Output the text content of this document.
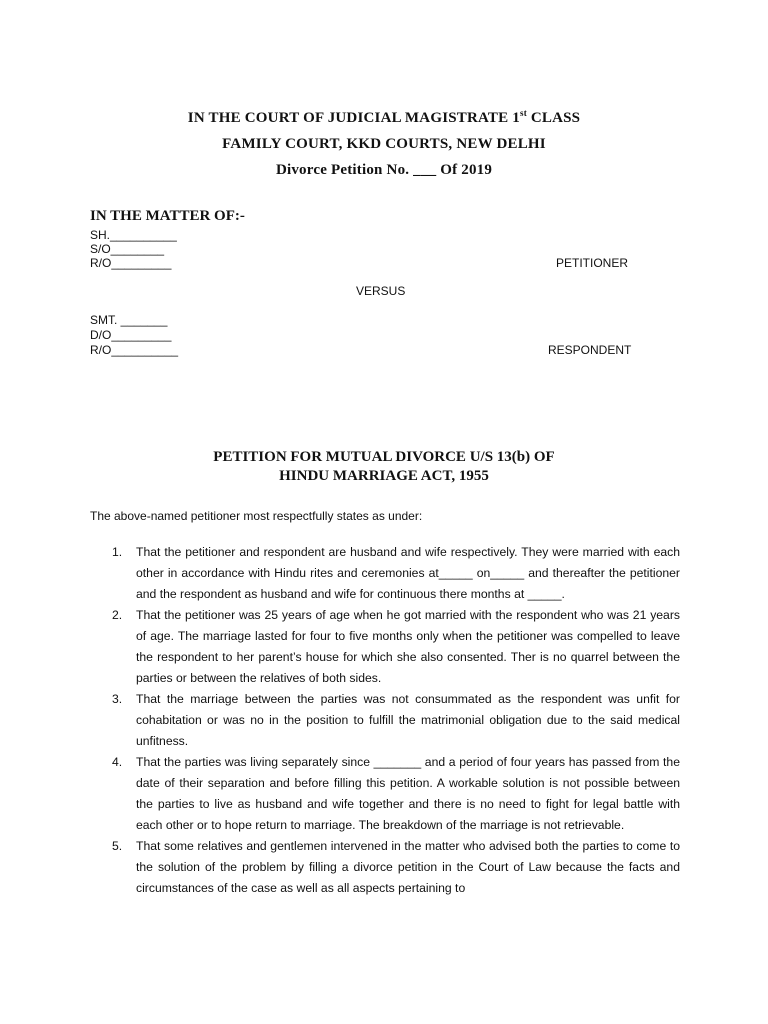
IN THE COURT OF JUDICIAL MAGISTRATE 1st CLASS
FAMILY COURT, KKD COURTS, NEW DELHI
Divorce Petition No. ___ Of 2019
IN THE MATTER OF:-
SH.__________
S/O________
R/O_________	PETITIONER
VERSUS
SMT. _______
D/O_________
R/O__________	RESPONDENT
PETITION FOR MUTUAL DIVORCE U/S 13(b) OF
HINDU MARRIAGE ACT, 1955
The above-named petitioner most respectfully states as under:
1. That the petitioner and respondent are husband and wife respectively. They were married with each other in accordance with Hindu rites and ceremonies at_____ on_____ and thereafter the petitioner and the respondent as husband and wife for continuous there months at _____.
2. That the petitioner was 25 years of age when he got married with the respondent who was 21 years of age. The marriage lasted for four to five months only when the petitioner was compelled to leave the respondent to her parent’s house for which she also consented. Ther is no quarrel between the parties or between the relatives of both sides.
3. That the marriage between the parties was not consummated as the respondent was unfit for cohabitation or was no in the position to fulfill the matrimonial obligation due to the said medical unfitness.
4. That the parties was living separately since _______ and a period of four years has passed from the date of their separation and before filling this petition. A workable solution is not possible between the parties to live as husband and wife together and there is no need to fight for legal battle with each other or to hope return to marriage. The breakdown of the marriage is not retrievable.
5. That some relatives and gentlemen intervened in the matter who advised both the parties to come to the solution of the problem by filling a divorce petition in the Court of Law because the facts and circumstances of the case as well as all aspects pertaining to
